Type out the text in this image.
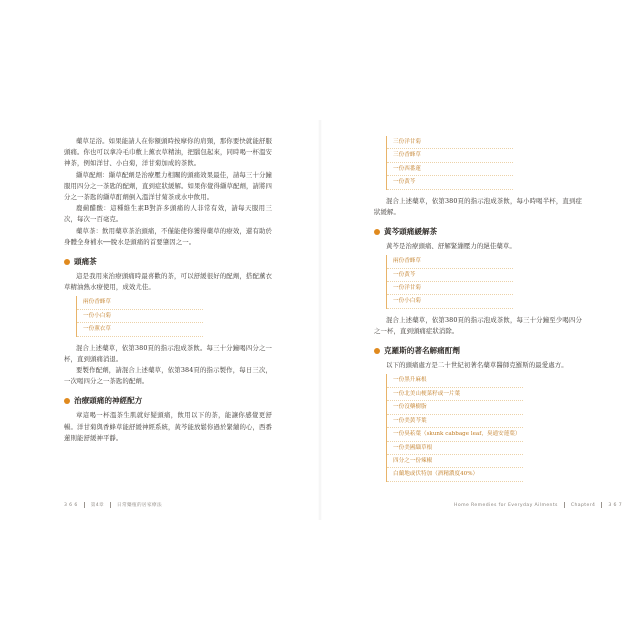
藥草足浴。如果能請人在你額頭時按摩你的肩頸，那你要快就能舒服頭痛。你也可以拿冷毛巾敷上薰衣草精油，把腦包起來，同時喝一杯溫安神茶，例如洋甘、小白菊，洋甘菊加成的茶飲。

纈草配劑：纈草配劑是治療壓力相關的頭痛效果最佳，請每三十分鐘服用四分之一茶匙的配劑，直到症狀緩解。如果你覺得纈草配劑，請將四分之一茶匙的纈草酊劑倒入溫洋甘菊茶或水中飲用。

鹿薊醋酸：這種維生素B對許多頭痛的人非常有效，請每天服用三次，每次一百毫克。

藥草茶：飲用藥草茶治頭痛，不僅能使你獲得藥草的療效，還有助於身體全身補水──脫水是頭痛的首要肇因之一。

頭痛茶

這是我用來治療頭痛時最喜歡的茶，可以舒緩很好的配劑，搭配薰衣草精油熱水療使用，成效尤佳。

兩份香蜂草
一份小白菊
一份薰衣草

混合上述藥草，依第380頁的指示泡成茶飲。每三十分鐘喝四分之一杯，直到頭痛消退。

要製作配劑，請混合上述藥草，依第384頁的指示製作，每日三次，一次喝四分之一茶匙的配劑。

治療頭痛的神經配方

章這喝一杯溫茶生肌就好疑頭痛，飲用以下的茶，能讓你感覺更舒暢。洋甘菊與香蜂草能舒緩神經系統，黃芩能放鬆你過於緊繃的心，西番蓮則能舒緩神平靜。

3 6 6	第4章	日常藥植的居家療法
三份洋甘菊
三份香蜂草
一份西番蓮
一份黃芩

混合上述藥草，依第380頁的指示泡成茶飲，每小時喝半杯，直到症狀緩解。

黃芩頭痛緩解茶

黃芩是治療頭痛、舒解緊繃壓力的絕佳藥草。

兩份香蜂草
一份黃芩
一份洋甘菊
一份小白菊

混合上述藥草，依第380頁的指示泡成茶飲，每三十分鐘至少喝四分之一杯，直到頭痛症狀消除。

克羅斯的著名解痛酊劑

以下的頭痛處方是二十世紀初著名藥草醫師克羅斯的最愛處方。

一份黑升麻根
一份北美山梗菜籽或一片葉
一份沒藥樹脂
一份美黃芩葉
一份臭菘葉（skunk cabbage leaf，臭通安蓮葉）
一份美國纈草根
四分之一份辣椒
白蘭地或伏特加（酒精濃度40%）
Home Remedies for Everyday Ailments	Chapter4	3 6 7
